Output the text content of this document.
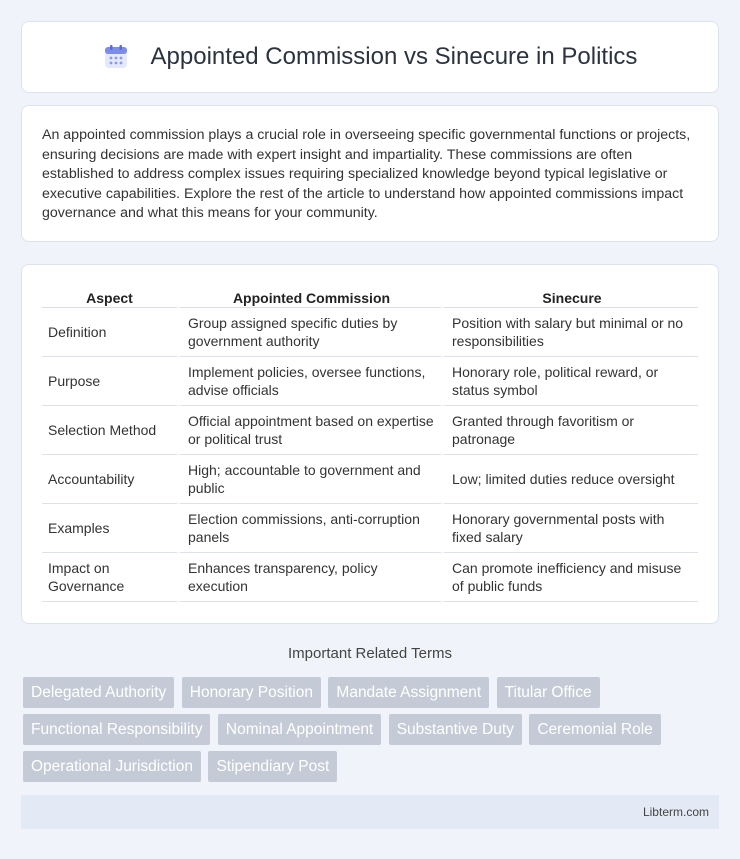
Appointed Commission vs Sinecure in Politics

An appointed commission plays a crucial role in overseeing specific governmental functions or projects, ensuring decisions are made with expert insight and impartiality. These commissions are often established to address complex issues requiring specialized knowledge beyond typical legislative or executive capabilities. Explore the rest of the article to understand how appointed commissions impact governance and what this means for your community.

Aspect	Appointed Commission	Sinecure
Definition	Group assigned specific duties by government authority	Position with salary but minimal or no responsibilities
Purpose	Implement policies, oversee functions, advise officials	Honorary role, political reward, or status symbol
Selection Method	Official appointment based on expertise or political trust	Granted through favoritism or patronage
Accountability	High; accountable to government and public	Low; limited duties reduce oversight
Examples	Election commissions, anti-corruption panels	Honorary governmental posts with fixed salary
Impact on Governance	Enhances transparency, policy execution	Can promote inefficiency and misuse of public funds
Important Related Terms
Delegated Authority Honorary Position Mandate Assignment Titular Office Functional Responsibility Nominal Appointment Substantive Duty Ceremonial Role Operational Jurisdiction Stipendiary Post
Libterm.com
